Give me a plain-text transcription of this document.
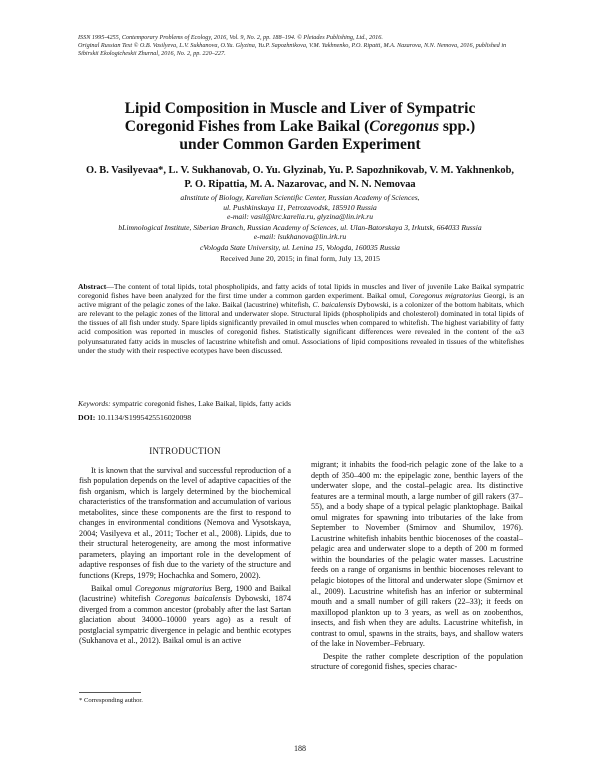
ISSN 1995-4255, Contemporary Problems of Ecology, 2016, Vol. 9, No. 2, pp. 188–194. © Pleiades Publishing, Ltd., 2016.
Original Russian Text © O.B. Vasilyeva, L.V. Sukhanova, O.Yu. Glyzina, Yu.P. Sapozhnikova, V.M. Yakhnenko, P.O. Ripatti, M.A. Nazarova, N.N. Nemova, 2016, published in Sibirskii Ekologicheskii Zhurnal, 2016, No. 2, pp. 220–227.
Lipid Composition in Muscle and Liver of Sympatric
Coregonid Fishes from Lake Baikal (Coregonus spp.)
under Common Garden Experiment
O. B. Vasilyevaa*, L. V. Sukhanovab, O. Yu. Glyzinab, Yu. P. Sapozhnikovab, V. M. Yakhnenkob,
P. O. Ripattia, M. A. Nazarovac, and N. N. Nemovaa
aInstitute of Biology, Karelian Scientific Center, Russian Academy of Sciences,
ul. Pushkinskaya 11, Petrozavodsk, 185910 Russia
e-mail: vasil@krc.karelia.ru, glyzina@lin.irk.ru
bLimnological Institute, Siberian Branch, Russian Academy of Sciences, ul. Ulan-Batorskaya 3, Irkutsk, 664033 Russia
e-mail: lsukhanova@lin.irk.ru
cVologda State University, ul. Lenina 15, Vologda, 160035 Russia
Received June 20, 2015; in final form, July 13, 2015
Abstract—The content of total lipids, total phospholipids, and fatty acids of total lipids in muscles and liver of juvenile Lake Baikal sympatric coregonid fishes have been analyzed for the first time under a common garden experiment. Baikal omul, Coregonus migratorius Georgi, is an active migrant of the pelagic zones of the lake. Baikal (lacustrine) whitefish, C. baicalensis Dybowski, is a colonizer of the bottom habitats, which are relevant to the pelagic zones of the littoral and underwater slope. Structural lipids (phospholipids and cholesterol) dominated in total lipids of the tissues of all fish under study. Spare lipids significantly prevailed in omul muscles when compared to whitefish. The highest variability of fatty acid composition was reported in muscles of coregonid fishes. Statistically significant differences were revealed in the content of the ω3 polyunsaturated fatty acids in muscles of lacustrine whitefish and omul. Associations of lipid compositions revealed in tissues of the whitefishes under the study with their respective ecotypes have been discussed.
Keywords: sympatric coregonid fishes, Lake Baikal, lipids, fatty acids
DOI: 10.1134/S1995425516020098
INTRODUCTION

It is known that the survival and successful reproduction of a fish population depends on the level of adaptive capacities of the fish organism, which is largely determined by the biochemical characteristics of the transformation and accumulation of various metabolites, since these components are the first to respond to changes in environmental conditions (Nemova and Vysotskaya, 2004; Vasilyeva et al., 2011; Tocher et al., 2008). Lipids, due to their structural heterogeneity, are among the most informative parameters, playing an important role in the development of adaptive responses of fish due to the variety of the structure and functions (Kreps, 1979; Hochachka and Somero, 2002).

Baikal omul Coregonus migratorius Berg, 1900 and Baikal (lacustrine) whitefish Coregonus baicalensis Dybowski, 1874 diverged from a common ancestor (probably after the last Sartan glaciation about 34000–10000 years ago) as a result of postglacial sympatric divergence in pelagic and benthic ecotypes (Sukhanova et al., 2012). Baikal omul is an active

migrant; it inhabits the food-rich pelagic zone of the lake to a depth of 350–400 m: the epipelagic zone, benthic layers of the underwater slope, and the costal–pelagic area. Its distinctive features are a terminal mouth, a large number of gill rakers (37–55), and a body shape of a typical pelagic planktophage. Baikal omul migrates for spawning into tributaries of the lake from September to November (Smirnov and Shumilov, 1976). Lacustrine whitefish inhabits benthic biocenoses of the coastal–pelagic area and underwater slope to a depth of 200 m formed within the boundaries of the pelagic water masses. Lacustrine feeds on a range of organisms in benthic biocenoses relevant to pelagic biotopes of the littoral and underwater slope (Smirnov et al., 2009). Lacustrine whitefish has an inferior or subterminal mouth and a small number of gill rakers (22–33); it feeds on maxillopod plankton up to 3 years, as well as on zoobenthos, insects, and fish when they are adults. Lacustrine whitefish, in contrast to omul, spawns in the straits, bays, and shallow waters of the lake in November–February.

Despite the rather complete description of the population structure of coregonid fishes, species charac-

* Corresponding author.
188
